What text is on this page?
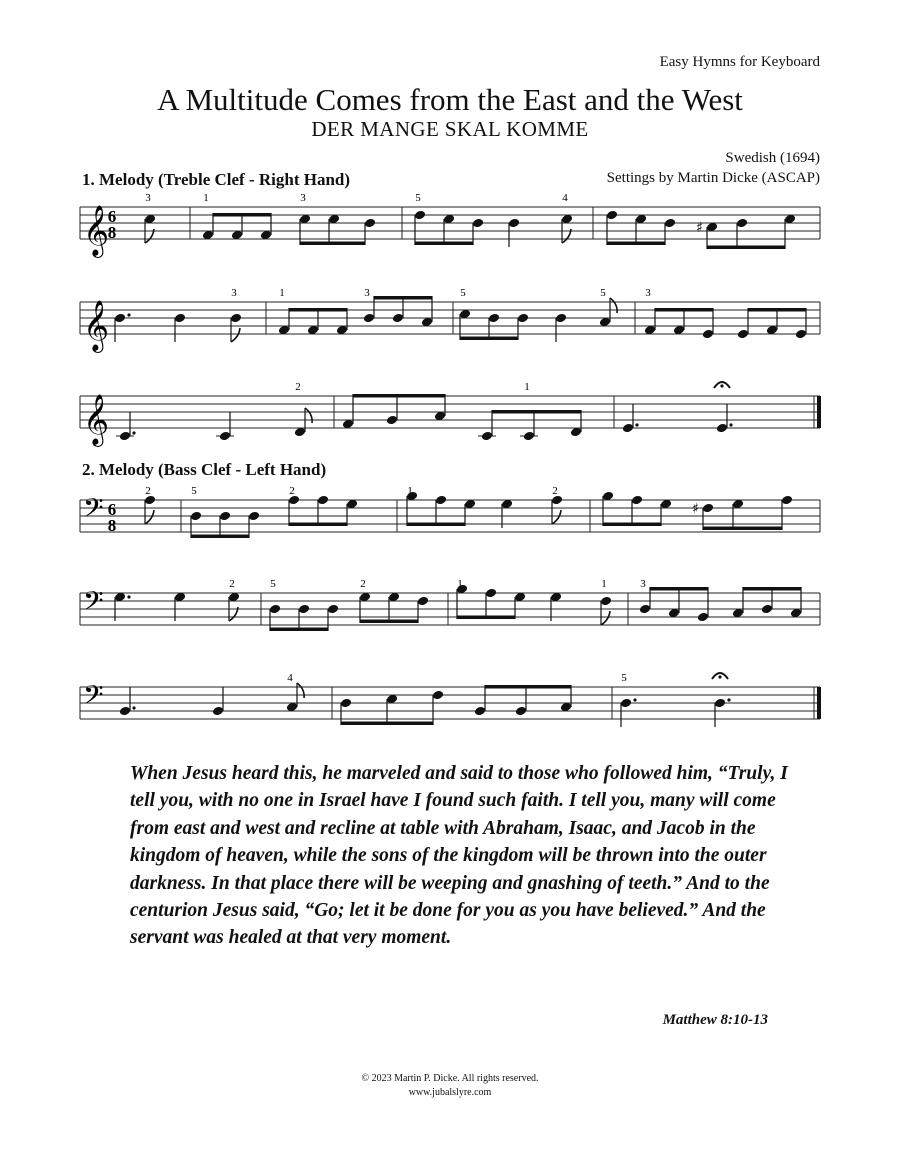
Easy Hymns for Keyboard
A Multitude Comes from the East and the West
DER MANGE SKAL KOMME
Swedish (1694)
Settings by Martin Dicke (ASCAP)
1. Melody (Treble Clef - Right Hand)
2. Melody (Bass Clef - Left Hand)
𝄞
6
8	♯
3	1	3	5	4
𝄞
3	1	3	5	5	3
𝄞
2	1
𝄢 6
8
♯
2	5	2	1	2
𝄢
2	5	2	1	1	3
𝄢
4	5

When Jesus heard this, he marveled and said to those who followed him, “Truly, I tell you, with no one in Israel have I found such faith. I tell you, many will come from east and west and recline at table with Abraham, Isaac, and Jacob in the kingdom of heaven, while the sons of the kingdom will be thrown into the outer darkness. In that place there will be weeping and gnashing of teeth.” And to the centurion Jesus said, “Go; let it be done for you as you have believed.” And the servant was healed at that very moment.

Matthew 8:10-13
© 2023 Martin P. Dicke. All rights reserved.
www.jubalslyre.com
